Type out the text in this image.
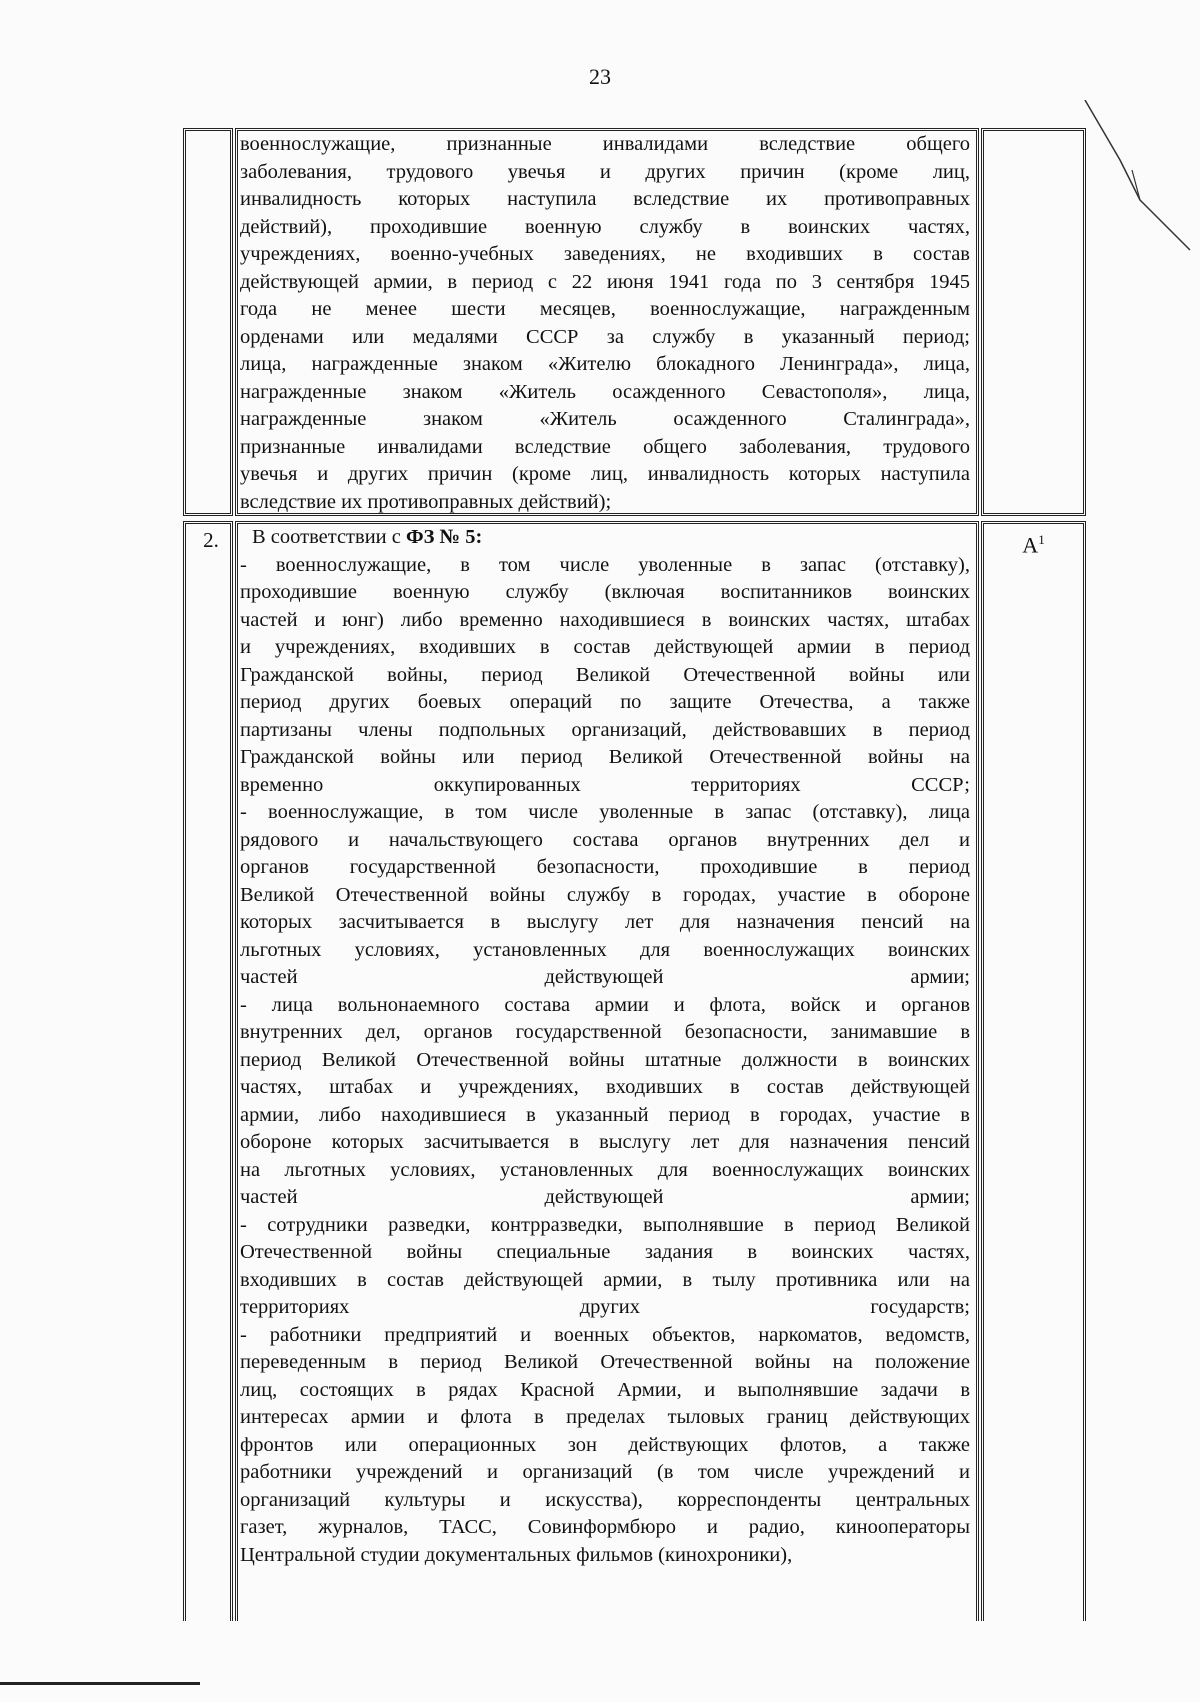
23

военнослужащие, признанные инвалидами вследствие общего

заболевания, трудового увечья и других причин (кроме лиц,

инвалидность которых наступила вследствие их противоправных

действий), проходившие военную службу в воинских частях,

учреждениях, военно-учебных заведениях, не входивших в состав

действующей армии, в период с 22 июня 1941 года по 3 сентября 1945

года не менее шести месяцев, военнослужащие, награжденным

орденами или медалями СССР за службу в указанный период;

лица, награжденные знаком «Жителю блокадного Ленинграда», лица,

награжденные знаком «Житель осажденного Севастополя», лица,

награжденные знаком «Житель осажденного Сталинграда»,

признанные инвалидами вследствие общего заболевания, трудового

увечья и других причин (кроме лиц, инвалидность которых наступила

вследствие их противоправных действий);

2.	В соответствии с ФЗ № 5:

- военнослужащие, в том числе уволенные в запас (отставку),

проходившие военную службу (включая воспитанников воинских

частей и юнг) либо временно находившиеся в воинских частях, штабах

и учреждениях, входивших в состав действующей армии в период

Гражданской войны, период Великой Отечественной войны или

период других боевых операций по защите Отечества, а также

партизаны члены подпольных организаций, действовавших в период

Гражданской войны или период Великой Отечественной войны на

временно оккупированных территориях СССР;

- военнослужащие, в том числе уволенные в запас (отставку), лица

рядового и начальствующего состава органов внутренних дел и

органов государственной безопасности, проходившие в период

Великой Отечественной войны службу в городах, участие в обороне

которых засчитывается в выслугу лет для назначения пенсий на

льготных условиях, установленных для военнослужащих воинских

частей действующей армии;

- лица вольнонаемного состава армии и флота, войск и органов

внутренних дел, органов государственной безопасности, занимавшие в

период Великой Отечественной войны штатные должности в воинских

частях, штабах и учреждениях, входивших в состав действующей

армии, либо находившиеся в указанный период в городах, участие в

обороне которых засчитывается в выслугу лет для назначения пенсий

на льготных условиях, установленных для военнослужащих воинских

частей действующей армии;

- сотрудники разведки, контрразведки, выполнявшие в период Великой

Отечественной войны специальные задания в воинских частях,

входивших в состав действующей армии, в тылу противника или на

территориях других государств;

- работники предприятий и военных объектов, наркоматов, ведомств,

переведенным в период Великой Отечественной войны на положение

лиц, состоящих в рядах Красной Армии, и выполнявшие задачи в

интересах армии и флота в пределах тыловых границ действующих

фронтов или операционных зон действующих флотов, а также

работники учреждений и организаций (в том числе учреждений и

организаций культуры и искусства), корреспонденты центральных

газет, журналов, ТАСС, Совинформбюро и радио, кинооператоры

Центральной студии документальных фильмов (кинохроники),

$А^1$
